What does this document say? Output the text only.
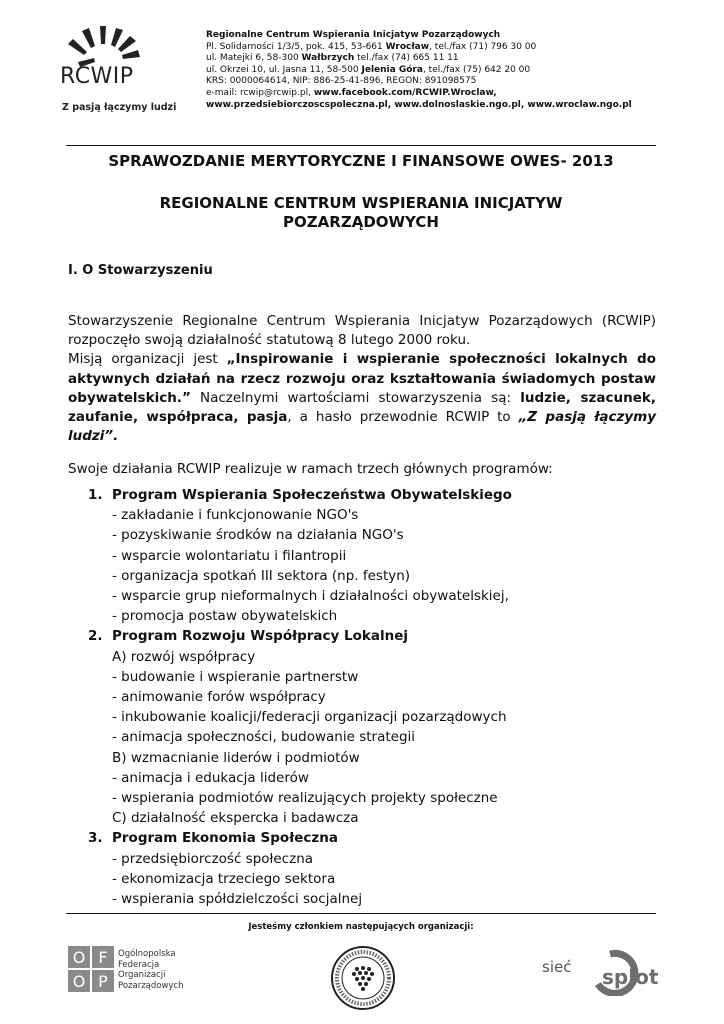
RCWIP
Z pasją łączymy ludzi
Regionalne Centrum Wspierania Inicjatyw Pozarządowych
Pl. Solidarności 1/3/5, pok. 415, 53-661 Wrocław, tel./fax (71) 796 30 00
ul. Matejki 6, 58-300 Wałbrzych tel./fax (74) 665 11 11
ul. Okrzei 10, ul. Jasna 11, 58-500 Jelenia Góra, tel./fax (75) 642 20 00
KRS: 0000064614, NIP: 886-25-41-896, REGON: 891098575
e-mail: rcwip@rcwip.pl, www.facebook.com/RCWIP.Wroclaw,
www.przedsiebiorczoscspoleczna.pl, www.dolnoslaskie.ngo.pl, www.wroclaw.ngo.pl
SPRAWOZDANIE MERYTORYCZNE I FINANSOWE OWES- 2013
REGIONALNE CENTRUM WSPIERANIA INICJATYW
POZARZĄDOWYCH
I. O Stowarzyszeniu

Stowarzyszenie Regionalne Centrum Wspierania Inicjatyw Pozarządowych (RCWIP) rozpoczęło swoją działalność statutową 8 lutego 2000 roku.
Misją organizacji jest „Inspirowanie i wspieranie społeczności lokalnych do aktywnych działań na rzecz rozwoju oraz kształtowania świadomych postaw obywatelskich.” Naczelnymi wartościami stowarzyszenia są: ludzie, szacunek, zaufanie, współpraca, pasja, a hasło przewodnie RCWIP to „Z pasją łączymy ludzi”.

Swoje działania RCWIP realizuje w ramach trzech głównych programów:

1. Program Wspierania Społeczeństwa Obywatelskiego
- zakładanie i funkcjonowanie NGO's
- pozyskiwanie środków na działania NGO's
- wsparcie wolontariatu i filantropii
- organizacja spotkań III sektora (np. festyn)
- wsparcie grup nieformalnych i działalności obywatelskiej,
- promocja postaw obywatelskich
2. Program Rozwoju Współpracy Lokalnej
A) rozwój współpracy
- budowanie i wspieranie partnerstw
- animowanie forów współpracy
- inkubowanie koalicji/federacji organizacji pozarządowych
- animacja społeczności, budowanie strategii
B) wzmacnianie liderów i podmiotów
- animacja i edukacja liderów
- wspierania podmiotów realizujących projekty społeczne
C) działalność ekspercka i badawcza
3. Program Ekonomia Społeczna
- przedsiębiorczość społeczna
- ekonomizacja trzeciego sektora
- wspierania spółdzielczości socjalnej
Jesteśmy członkiem następujących organizacji:
O F
O P
Ogólnopolska
Federacja
Organizacji
Pozarządowych
sieć splot
